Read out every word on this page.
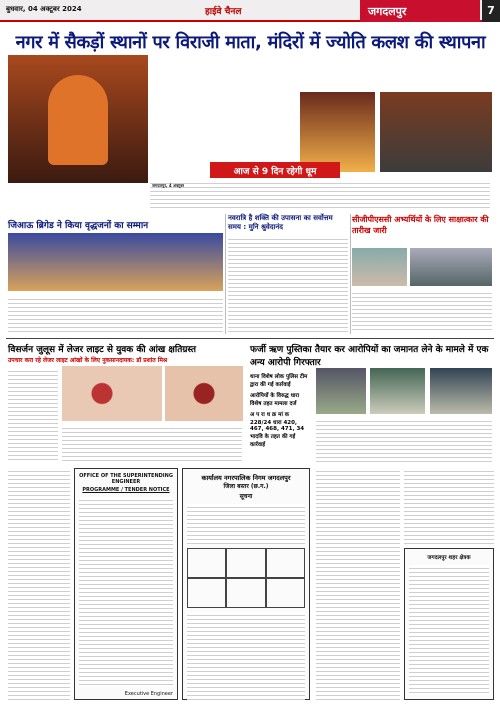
बुधवार, 04 अक्टूबर 2024	हाईवे चैनल	जगदलपुर	7
नगर में सैकड़ों स्थानों पर विराजी माता, मंदिरों में ज्योति कलश की स्थापना
आज से 9 दिन रहेगी धूम
जगदलपुर, 4 अक्टूबर
जिआऊ ब्रिगेड ने किया वृद्धजनों का सम्मान
नवरात्रि है शक्ति की उपासना का सर्वोत्तम समय : मुनि श्रुवेदानंद
सीजीपीएससी अभ्यर्थियों के लिए साक्षात्कार की तारीख जारी
विसर्जन जुलूस में लेजर लाइट से युवक की आंख क्षतिग्रस्त
उपचार करा रहे लेजर लाइट आंखों के लिए नुकसानदायक: डॉ प्रशांत मिश्र
फर्जी ऋण पुस्तिका तैयार कर आरोपियों का जमानत लेने के मामले में एक अन्य आरोपी गिरफ्तार
थाना विशेष लोक पुलिस टीम द्वारा की गई कार्रवाई
आरोपियों के विरुद्ध धारा विशेष तहत मामला दर्ज
अ प रा ध क्र मां क 228/24 धारा 420, 467, 468, 471, 34 भादवि के तहत की गई कार्रवाई
OFFICE OF THE SUPERINTENDING ENGINEER
PROGRAMME / TENDER NOTICE
Executive Engineer
कार्यालय नगरपालिक निगम जगदलपुर
जिला बस्तर (छ.ग.)
सूचना
जगदलपुर शहर क्षेत्रक
